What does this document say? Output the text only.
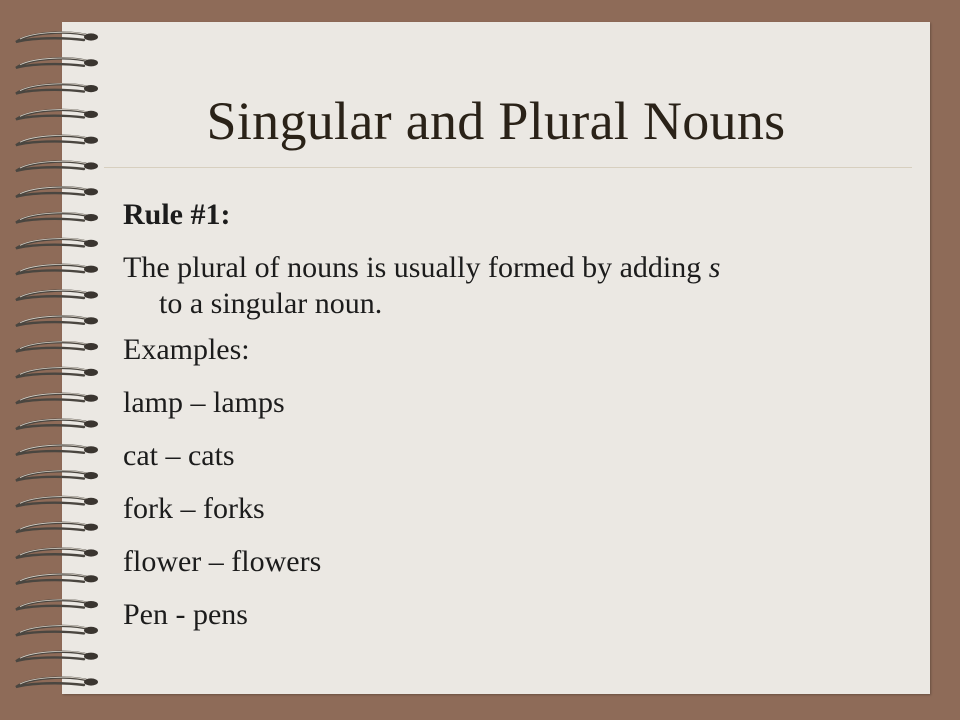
Singular and Plural Nouns

Rule #1:

The plural of nouns is usually formed by adding s
to a singular noun.

Examples:

lamp – lamps

cat – cats

fork – forks

flower – flowers

Pen - pens
